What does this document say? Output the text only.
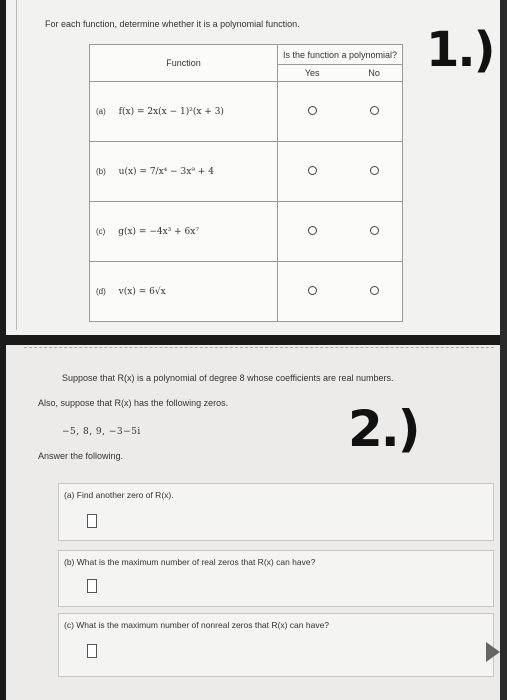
For each function, determine whether it is a polynomial function.	1.)
Function	Is the function a polynomial?	
	Yes	No
(a) f(x) = 2x(x − 1)²(x + 3)		
(b) u(x) = 7/x⁴ − 3x⁹ + 4		
(c) g(x) = −4x³ + 6x⁷		
(d) v(x) = 6√x		
Suppose that R(x) is a polynomial of degree 8 whose coefficients are real numbers.
Also, suppose that R(x) has the following zeros.
−5, 8, 9, −3−5i	2.)
Answer the following.
(a) Find another zero of R(x).
(b) What is the maximum number of real zeros that R(x) can have?
(c) What is the maximum number of nonreal zeros that R(x) can have?
